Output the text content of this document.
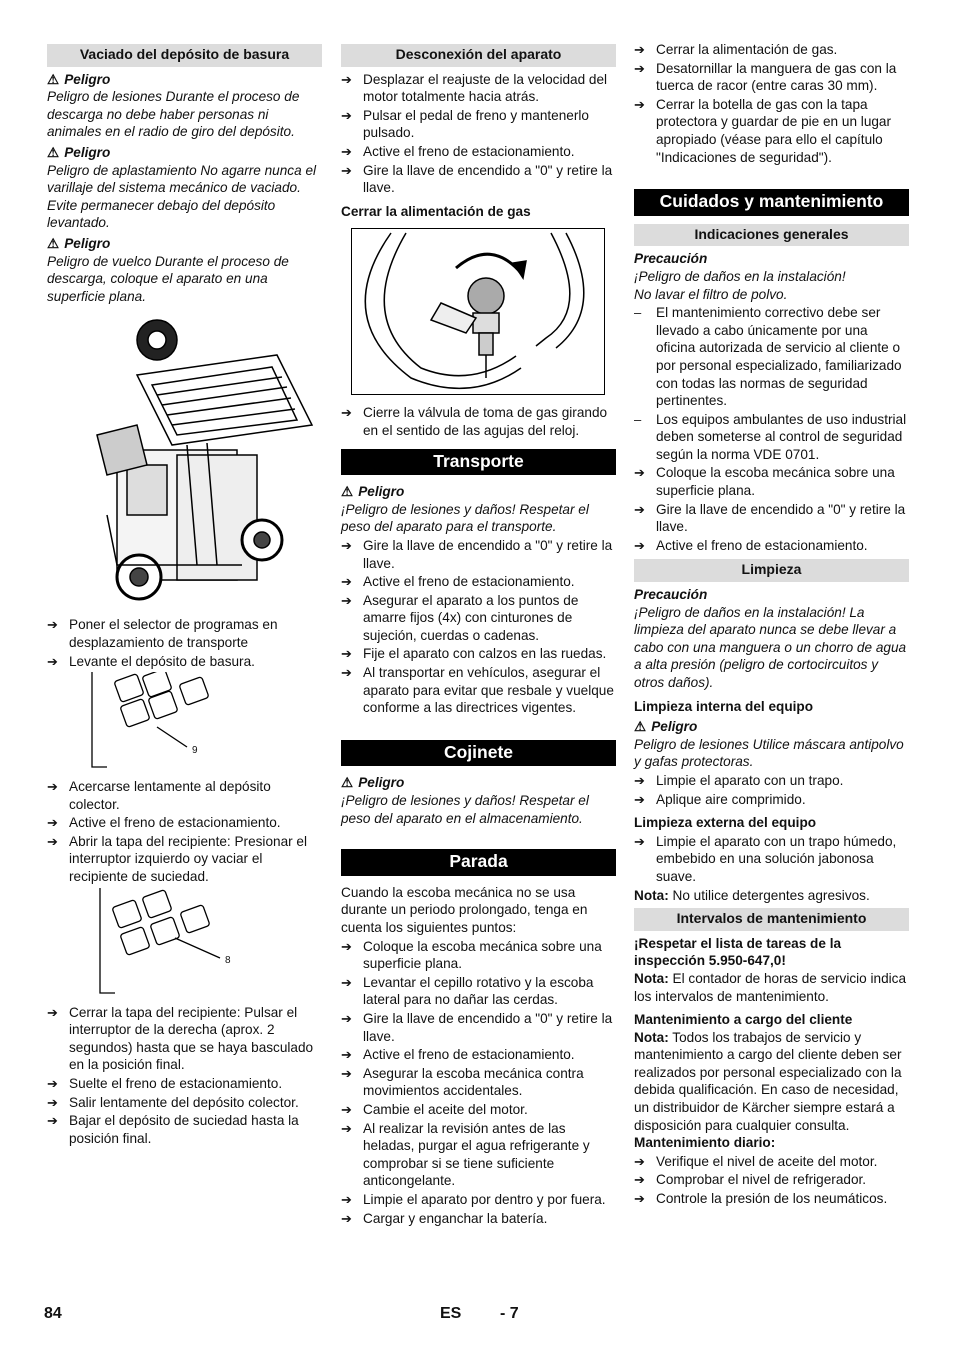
Vaciado del depósito de basura
⚠ Peligro

Peligro de lesiones Durante el proceso de descarga no debe haber personas ni animales en el radio de giro del depósito.

⚠ Peligro

Peligro de aplastamiento No agarre nunca el varillaje del sistema mecánico de vaciado. Evite permanecer debajo del depósito levantado.

⚠ Peligro

Peligro de vuelco Durante el proceso de descarga, coloque el aparato en una superficie plana.

➔ Poner el selector de programas en desplazamiento de transporte
➔ Levante el depósito de basura.
9
➔ Acercarse lentamente al depósito colector.
➔ Active el freno de estacionamiento.
➔ Abrir la tapa del recipiente: Presionar el interruptor izquierdo oy vaciar el recipiente de suciedad.
8
➔ Cerrar la tapa del recipiente: Pulsar el interruptor de la derecha (aprox. 2 segundos) hasta que se haya basculado en la posición final.
➔ Suelte el freno de estacionamiento.
➔ Salir lentamente del depósito colector.
➔ Bajar el depósito de suciedad hasta la posición final.
Desconexión del aparato
➔ Desplazar el reajuste de la velocidad del motor totalmente hacia atrás.
➔ Pulsar el pedal de freno y mantenerlo pulsado.
➔ Active el freno de estacionamiento.
➔ Gire la llave de encendido a "0" y retire la llave.
Cerrar la alimentación de gas
➔ Cierre la válvula de toma de gas girando en el sentido de las agujas del reloj.
Transporte
⚠ Peligro

¡Peligro de lesiones y daños! Respetar el peso del aparato para el transporte.

➔ Gire la llave de encendido a "0" y retire la llave.
➔ Active el freno de estacionamiento.
➔ Asegurar el aparato a los puntos de amarre fijos (4x) con cinturones de sujeción, cuerdas o cadenas.
➔ Fije el aparato con calzos en las ruedas.
➔ Al transportar en vehículos, asegurar el aparato para evitar que resbale y vuelque conforme a las directrices vigentes.
Cojinete
⚠ Peligro

¡Peligro de lesiones y daños! Respetar el peso del aparato en el almacenamiento.

Parada

Cuando la escoba mecánica no se usa durante un periodo prolongado, tenga en cuenta los siguientes puntos:

➔ Coloque la escoba mecánica sobre una superficie plana.
➔ Levantar el cepillo rotativo y la escoba lateral para no dañar las cerdas.
➔ Gire la llave de encendido a "0" y retire la llave.
➔ Active el freno de estacionamiento.
➔ Asegurar la escoba mecánica contra movimientos accidentales.
➔ Cambie el aceite del motor.
➔ Al realizar la revisión antes de las heladas, purgar el agua refrigerante y comprobar si se tiene suficiente anticongelante.
➔ Limpie el aparato por dentro y por fuera.
➔ Cargar y enganchar la batería.
➔ Cerrar la alimentación de gas.
➔ Desatornillar la manguera de gas con la tuerca de racor (entre caras 30 mm).
➔ Cerrar la botella de gas con la tapa protectora y guardar de pie en un lugar apropiado (véase para ello el capítulo "Indicaciones de seguridad").
Cuidados y mantenimiento
Indicaciones generales
Precaución

¡Peligro de daños en la instalación!

No lavar el filtro de polvo.

–	El mantenimiento correctivo debe ser llevado a cabo únicamente por una oficina autorizada de servicio al cliente o por personal especializado, familiarizado con todas las normas de seguridad pertinentes.
–	Los equipos ambulantes de uso industrial deben someterse al control de seguridad según la norma VDE 0701.
➔ Coloque la escoba mecánica sobre una superficie plana.
➔ Gire la llave de encendido a "0" y retire la llave.
➔ Active el freno de estacionamiento.
Limpieza
Precaución

¡Peligro de daños en la instalación! La limpieza del aparato nunca se debe llevar a cabo con una manguera o un chorro de agua a alta presión (peligro de cortocircuitos y otros daños).

Limpieza interna del equipo
⚠ Peligro

Peligro de lesiones Utilice máscara antipolvo y gafas protectoras.

➔ Limpie el aparato con un trapo.
➔ Aplique aire comprimido.
Limpieza externa del equipo
➔ Limpie el aparato con un trapo húmedo, embebido en una solución jabonosa suave.

Nota: No utilice detergentes agresivos.

Intervalos de mantenimiento
¡Respetar el lista de tareas de la inspección 5.950-647,0!

Nota: El contador de horas de servicio indica los intervalos de mantenimiento.

Mantenimiento a cargo del cliente

Nota: Todos los trabajos de servicio y mantenimiento a cargo del cliente deben ser realizados por personal especializado con la debida qualificación. En caso de necesidad, un distribuidor de Kärcher siempre estará a disposición para cualquier consulta.

Mantenimiento diario:
➔ Verifique el nivel de aceite del motor.
➔ Comprobar el nivel de refrigerador.
➔ Controle la presión de los neumáticos.
84	ES - 7
